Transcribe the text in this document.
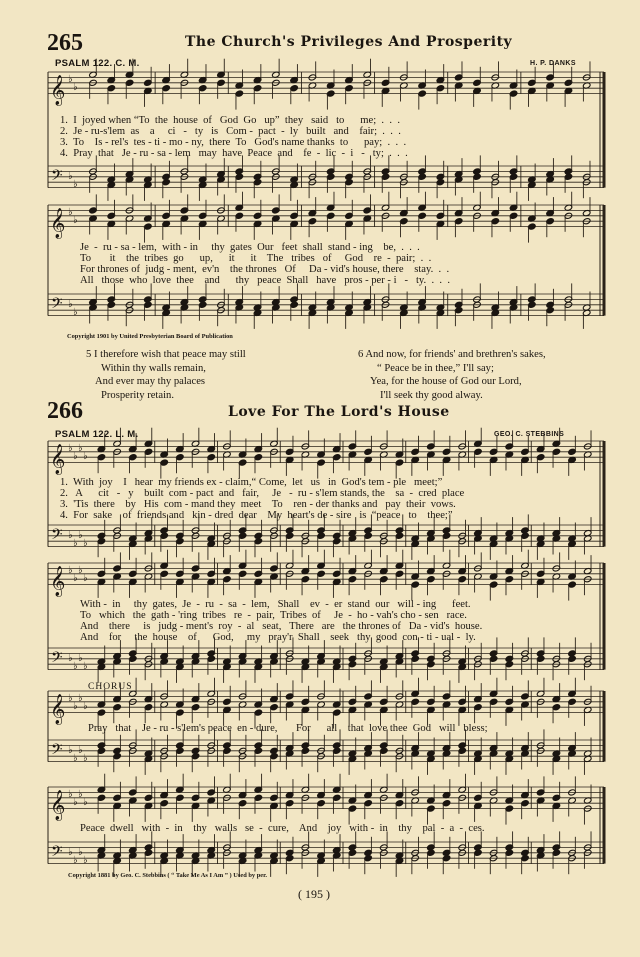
265	The Church's Privileges And Prosperity
PSALM 122. C. M.	H. P. DANKS
𝄞
𝄢
♭
♭
♭
♭
𝄞
𝄢
♭
♭
♭
♭
𝄞
𝄢
♭
♭
♭
♭
♭
♭
♭
♭
𝄞
𝄢
♭
♭
♭
♭
♭
♭
♭
♭
𝄞
𝄢
♭
♭
♭
♭
♭
♭
♭
♭
𝄞
𝄢
♭
♭
♭
♭
♭
♭
♭
♭
1.  I  joyed when “To  the  house  of   God  Go   up”  they   said   to      me;  .  .  .
2.  Je - ru-s'lem  as    a     ci   -   ty   is   Com -  pact  -  ly   built   and    fair;  .  .  .
3.  To    Is - rel's  tes - ti - mo - ny,  there  To   God's name thanks  to      pay;  .  .  .
4.  Pray  that   Je - ru - sa - lem   may  have  Peace  and    fe  -  lic  -  i   -   ty;  .  .  .
Je  -  ru - sa - lem,  with - in     thy  gates  Our   feet  shall  stand - ing    be,  .  .  .
To       it    the  tribes  go      up,      it      it    The   tribes   of     God    re  -  pair;  .  .
For thrones of  judg - ment,  ev'n    the thrones   Of     Da - vid's house, there    stay.  .  .
All   those  who  love  thee    and      thy   peace  Shall   have   pros - per - i   -   ty.  .  .  .
Copyright 1901 by United Presbyterian Board of Publication
5 I therefore wish that peace may still
Within thy walls remain,
And ever may thy palaces
Prosperity retain.
6 And now, for friends' and brethren's sakes,
“ Peace be in thee,” I'll say;
Yea, for the house of God our Lord,
I'll seek thy good alway.
266	Love For The Lord's House
PSALM 122. L. M.	GEO. C. STEBBINS
1.  With  joy    I   hear  my friends ex - claim,“ Come,  let   us   in  God's tem - ple   meet;”
2.   A      cit   -   y    built  com - pact  and   fair,     Je   -  ru - s'lem stands, the    sa  -  cred  place
3.  'Tis  there    by   His  com - mand they  meet    To    ren - der thanks and   pay  their  vows.
4.  For  sake    of  friends and   kin - dred  dear    My  heart's de - sire   is  “peace   to    thee;”
With -  in     thy  gates,  Je  -  ru  -  sa  -  lem,   Shall    ev  -  er  stand  our   will - ing      feet.
To   which   the  gath - 'ring  tribes   re  -  pair,  Tribes  of     Je  -  ho - vah's cho - sen   race.
And    there     is   judg - ment's  roy  -  al   seat,   There   are   the thrones of   Da - vid's  house.
And    for     the  house    of      God,     my   pray'r  Shall    seek   thy  good  con - ti - ual -  ly.
CHORUS
Pray   that    Je - ru - s'lem's peace  en - dure,       For      all    that  love thee  God   will   bless;
Peace  dwell   with  -  in    thy   walls   se  -  cure,    And    joy   with -  in    thy    pal  -  a  -  ces.
Copyright 1881 by Geo. C. Stebbins ( “ Take Me As I Am ” ) Used by per.
( 195 )
